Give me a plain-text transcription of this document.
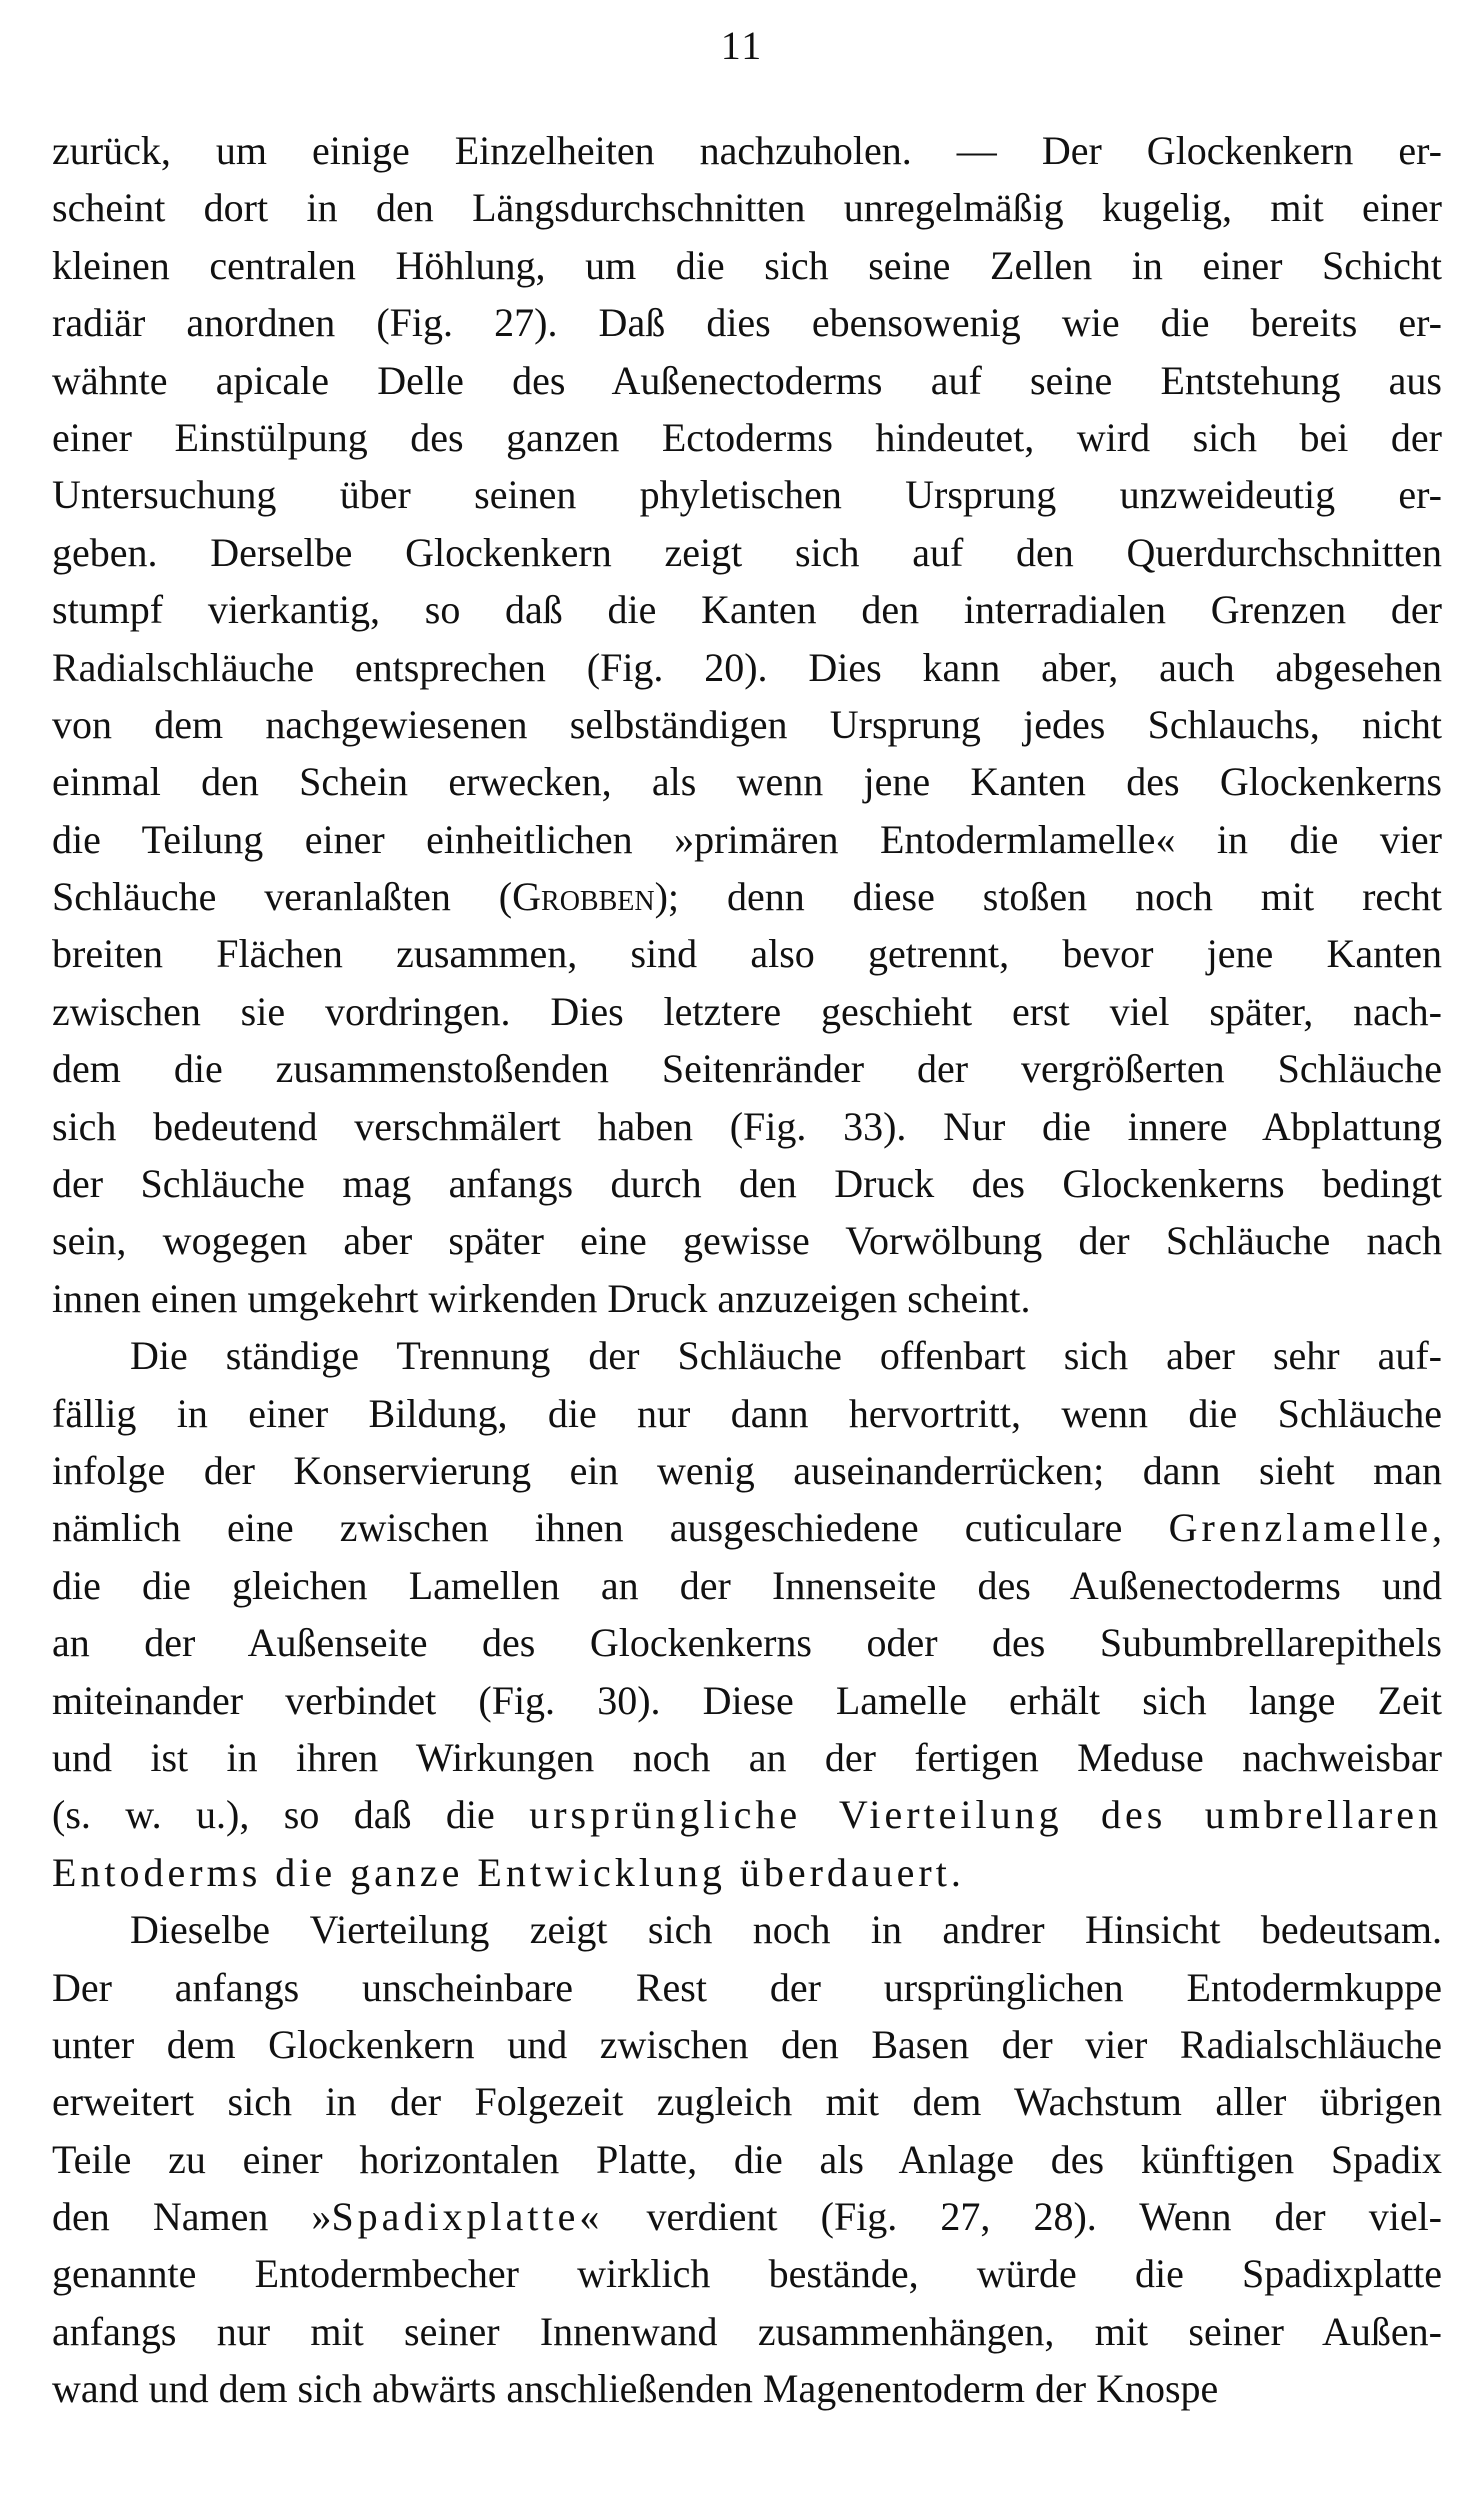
11
zurück, um einige Einzelheiten nachzuholen. — Der Glockenkern er-
scheint dort in den Längsdurchschnitten unregelmäßig kugelig, mit einer
kleinen centralen Höhlung, um die sich seine Zellen in einer Schicht
radiär anordnen (Fig. 27). Daß dies ebensowenig wie die bereits er-
wähnte apicale Delle des Außenectoderms auf seine Entstehung aus
einer Einstülpung des ganzen Ectoderms hindeutet, wird sich bei der
Untersuchung über seinen phyletischen Ursprung unzweideutig er-
geben. Derselbe Glockenkern zeigt sich auf den Querdurchschnitten
stumpf vierkantig, so daß die Kanten den interradialen Grenzen der
Radialschläuche entsprechen (Fig. 20). Dies kann aber, auch abgesehen
von dem nachgewiesenen selbständigen Ursprung jedes Schlauchs, nicht
einmal den Schein erwecken, als wenn jene Kanten des Glockenkerns
die Teilung einer einheitlichen »primären Entodermlamelle« in die vier
Schläuche veranlaßten (Grobben); denn diese stoßen noch mit recht
breiten Flächen zusammen, sind also getrennt, bevor jene Kanten
zwischen sie vordringen. Dies letztere geschieht erst viel später, nach-
dem die zusammenstoßenden Seitenränder der vergrößerten Schläuche
sich bedeutend verschmälert haben (Fig. 33). Nur die innere Abplattung
der Schläuche mag anfangs durch den Druck des Glockenkerns bedingt
sein, wogegen aber später eine gewisse Vorwölbung der Schläuche nach
innen einen umgekehrt wirkenden Druck anzuzeigen scheint.
Die ständige Trennung der Schläuche offenbart sich aber sehr auf-
fällig in einer Bildung, die nur dann hervortritt, wenn die Schläuche
infolge der Konservierung ein wenig auseinanderrücken; dann sieht man
nämlich eine zwischen ihnen ausgeschiedene cuticulare Grenzlamelle,
die die gleichen Lamellen an der Innenseite des Außenectoderms und
an der Außenseite des Glockenkerns oder des Subumbrellarepithels
miteinander verbindet (Fig. 30). Diese Lamelle erhält sich lange Zeit
und ist in ihren Wirkungen noch an der fertigen Meduse nachweisbar
(s. w. u.), so daß die ursprüngliche Vierteilung des umbrellaren
Entoderms die ganze Entwicklung überdauert.
Dieselbe Vierteilung zeigt sich noch in andrer Hinsicht bedeutsam.
Der anfangs unscheinbare Rest der ursprünglichen Entodermkuppe
unter dem Glockenkern und zwischen den Basen der vier Radialschläuche
erweitert sich in der Folgezeit zugleich mit dem Wachstum aller übrigen
Teile zu einer horizontalen Platte, die als Anlage des künftigen Spadix
den Namen »Spadixplatte« verdient (Fig. 27, 28). Wenn der viel-
genannte Entodermbecher wirklich bestände, würde die Spadixplatte
anfangs nur mit seiner Innenwand zusammenhängen, mit seiner Außen-
wand und dem sich abwärts anschließenden Magenentoderm der Knospe
